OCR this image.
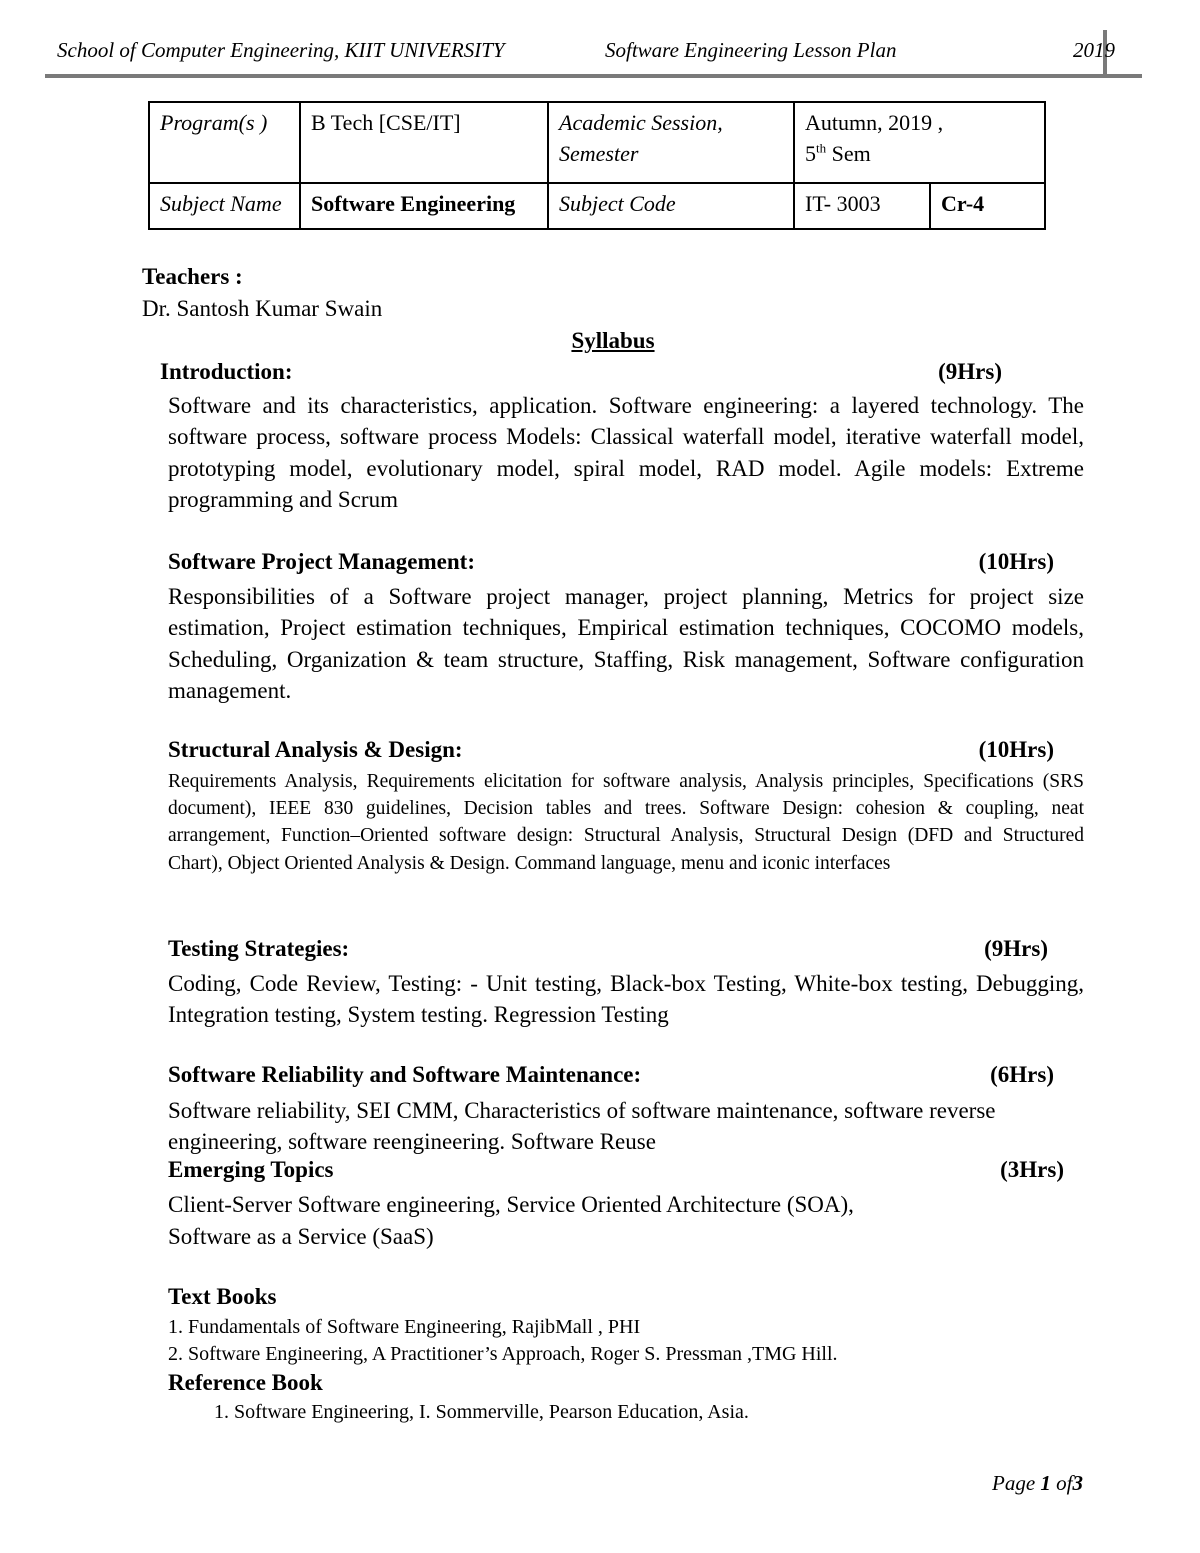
School of Computer Engineering, KIIT UNIVERSITY	Software Engineering Lesson Plan	2019
Program(s )	B Tech [CSE/IT]	Academic Session, Semester	Autumn, 2019 ,
5th Sem	

Subject Name	Software Engineering	Subject Code	IT- 3003	Cr-4
Teachers :
Dr. Santosh Kumar Swain
Syllabus
Introduction:	(9Hrs)
Software and its characteristics, application. Software engineering: a layered technology. The software process, software process Models: Classical waterfall model, iterative waterfall model, prototyping model, evolutionary model, spiral model, RAD model. Agile models: Extreme programming and Scrum
Software Project Management:	(10Hrs)
Responsibilities of a Software project manager, project planning, Metrics for project size estimation, Project estimation techniques, Empirical estimation techniques, COCOMO models, Scheduling, Organization & team structure, Staffing, Risk management, Software configuration management.
Structural Analysis & Design:	(10Hrs)
Requirements Analysis, Requirements elicitation for software analysis, Analysis principles, Specifications (SRS document), IEEE 830 guidelines, Decision tables and trees. Software Design: cohesion & coupling, neat arrangement, Function–Oriented software design: Structural Analysis, Structural Design (DFD and Structured Chart), Object Oriented Analysis & Design. Command language, menu and iconic interfaces
Testing Strategies:	(9Hrs)
Coding, Code Review, Testing: - Unit testing, Black-box Testing, White-box testing, Debugging, Integration testing, System testing. Regression Testing
Software Reliability and Software Maintenance:	(6Hrs)
Software reliability, SEI CMM, Characteristics of software maintenance, software reverse engineering, software reengineering. Software Reuse
Emerging Topics	(3Hrs)
Client-Server Software engineering, Service Oriented Architecture (SOA),
Software as a Service (SaaS)
Text Books
1. Fundamentals of Software Engineering, RajibMall , PHI
2. Software Engineering, A Practitioner’s Approach, Roger S. Pressman ,TMG Hill.
Reference Book
1. Software Engineering, I. Sommerville, Pearson Education, Asia.
Page 1 of3
